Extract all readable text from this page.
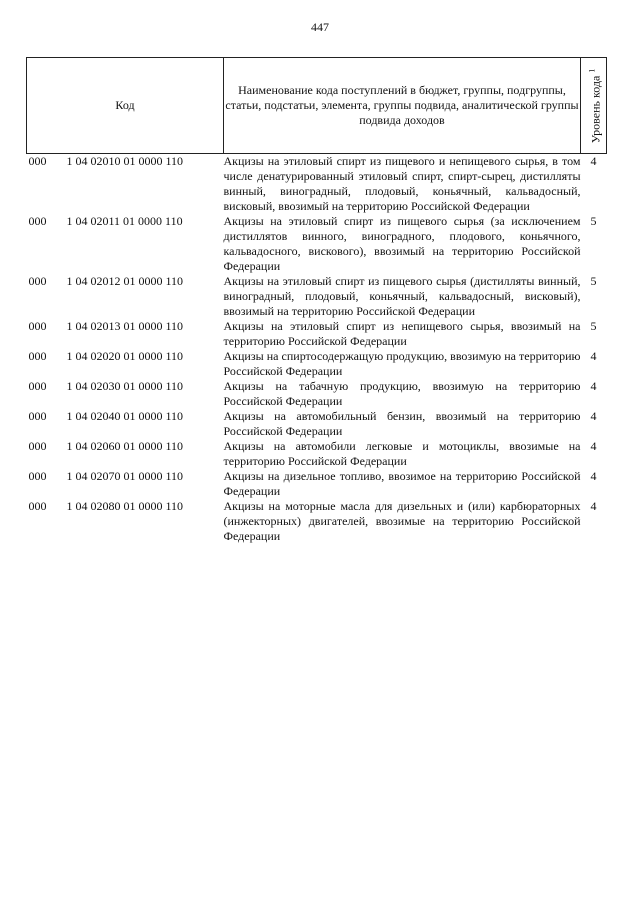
447
Код	Наименование кода поступлений в бюджет, группы, подгруппы, статьи, подстатьи, элемента, группы подвида, аналитической группы подвида доходов	Уровень кода $^1$

000 1 04 02010 01 0000 110	Акцизы на этиловый спирт из пищевого и непищевого сырья, в том числе денатурированный этиловый спирт, спирт-сырец, дистилляты винный, виноградный, плодовый, коньячный, кальвадосный, висковый, ввозимый на территорию Российской Федерации	4
000 1 04 02011 01 0000 110	Акцизы на этиловый спирт из пищевого сырья (за исключением дистиллятов винного, виноградного, плодового, коньячного, кальвадосного, вискового), ввозимый на территорию Российской Федерации	5
000 1 04 02012 01 0000 110	Акцизы на этиловый спирт из пищевого сырья (дистилляты винный, виноградный, плодовый, коньячный, кальвадосный, висковый), ввозимый на территорию Российской Федерации	5
000 1 04 02013 01 0000 110	Акцизы на этиловый спирт из непищевого сырья, ввозимый на территорию Российской Федерации	5
000 1 04 02020 01 0000 110	Акцизы на спиртосодержащую продукцию, ввозимую на территорию Российской Федерации	4
000 1 04 02030 01 0000 110	Акцизы на табачную продукцию, ввозимую на территорию Российской Федерации	4
000 1 04 02040 01 0000 110	Акцизы на автомобильный бензин, ввозимый на территорию Российской Федерации	4
000 1 04 02060 01 0000 110	Акцизы на автомобили легковые и мотоциклы, ввозимые на территорию Российской Федерации	4
000 1 04 02070 01 0000 110	Акцизы на дизельное топливо, ввозимое на территорию Российской Федерации	4
000 1 04 02080 01 0000 110	Акцизы на моторные масла для дизельных и (или) карбюраторных (инжекторных) двигателей, ввозимые на территорию Российской Федерации	4
